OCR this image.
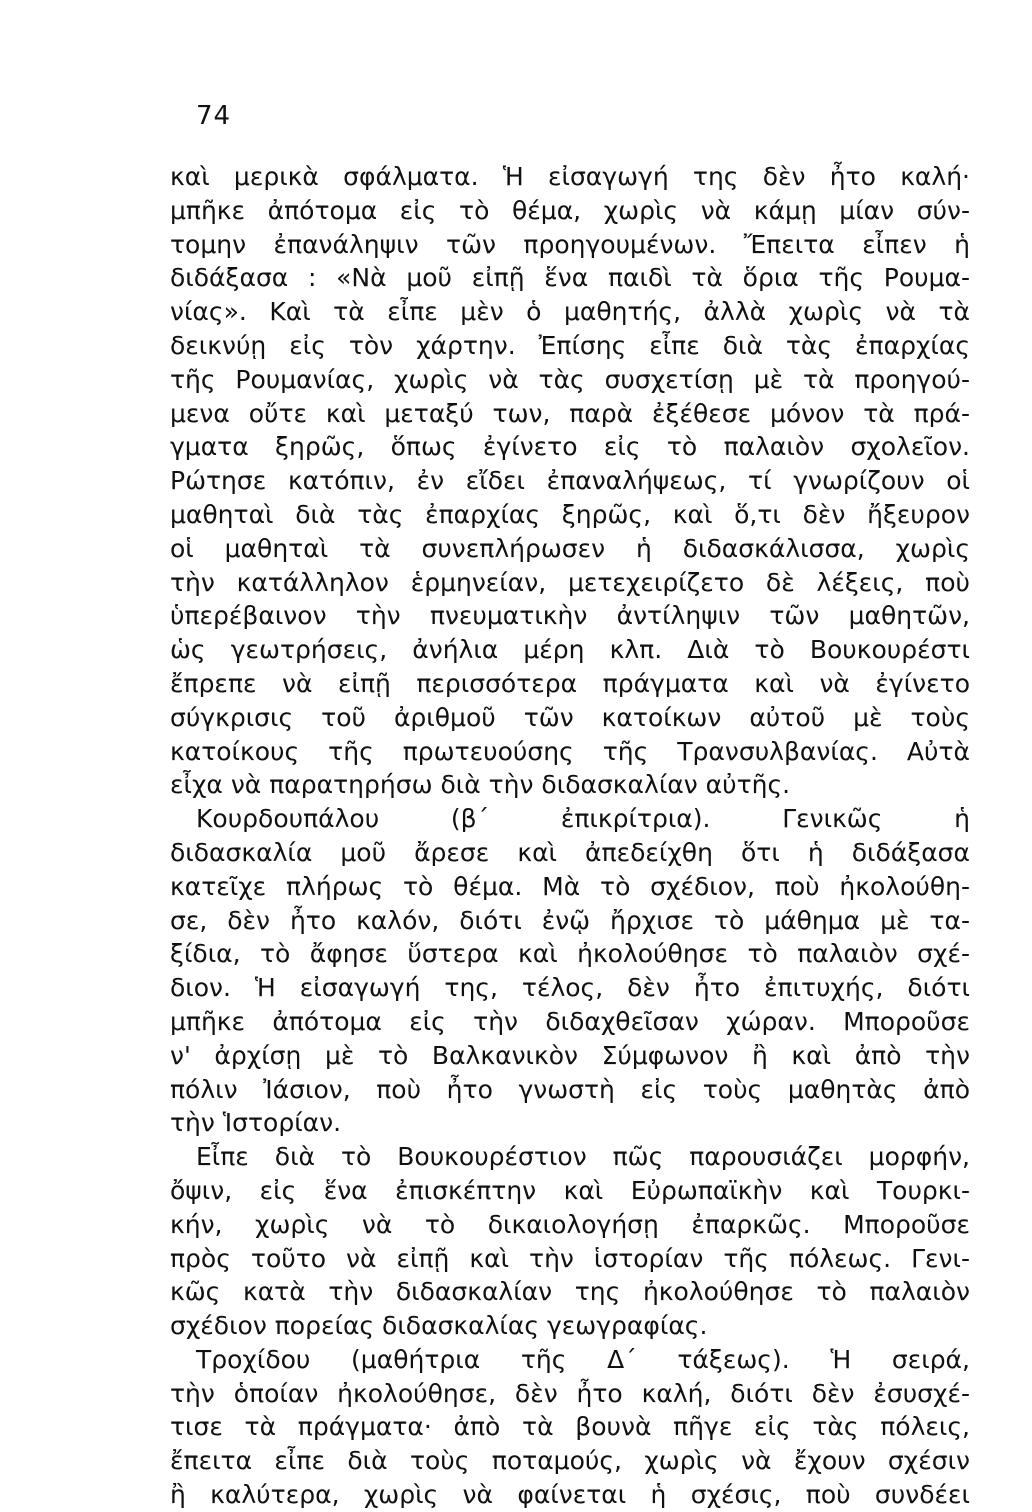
74
καὶ μερικὰ σφάλματα. Ἡ εἰσαγωγή της δὲν ἦτο καλή·
μπῆκε ἀπότομα εἰς τὸ θέμα, χωρὶς νὰ κάμῃ μίαν σύν-
τομην ἐπανάληψιν τῶν προηγουμένων. Ἔπειτα εἶπεν ἡ
διδάξασα : «Νὰ μοῦ εἰπῇ ἕνα παιδὶ τὰ ὅρια τῆς Ρουμα-
νίας». Καὶ τὰ εἶπε μὲν ὁ μαθητής, ἀλλὰ χωρὶς νὰ τὰ
δεικνύῃ εἰς τὸν χάρτην. Ἐπίσης εἶπε διὰ τὰς ἐπαρχίας
τῆς Ρουμανίας, χωρὶς νὰ τὰς συσχετίσῃ μὲ τὰ προηγού-
μενα οὔτε καὶ μεταξύ των, παρὰ ἐξέθεσε μόνον τὰ πρά-
γματα ξηρῶς, ὅπως ἐγίνετο εἰς τὸ παλαιὸν σχολεῖον.
Ρώτησε κατόπιν, ἐν εἴδει ἐπαναλήψεως, τί γνωρίζουν οἱ
μαθηταὶ διὰ τὰς ἐπαρχίας ξηρῶς, καὶ ὅ,τι δὲν ἤξευρον
οἱ μαθηταὶ τὰ συνεπλήρωσεν ἡ διδασκάλισσα, χωρὶς
τὴν κατάλληλον ἑρμηνείαν, μετεχειρίζετο δὲ λέξεις, ποὺ
ὑπερέβαινον τὴν πνευματικὴν ἀντίληψιν τῶν μαθητῶν,
ὡς γεωτρήσεις, ἀνήλια μέρη κλπ. Διὰ τὸ Βουκουρέστι
ἔπρεπε νὰ εἰπῇ περισσότερα πράγματα καὶ νὰ ἐγίνετο
σύγκρισις τοῦ ἀριθμοῦ τῶν κατοίκων αὐτοῦ μὲ τοὺς
κατοίκους τῆς πρωτευούσης τῆς Τρανσυλβανίας. Αὐτὰ
εἶχα νὰ παρατηρήσω διὰ τὴν διδασκαλίαν αὐτῆς.
Κουρδουπάλου (β΄ ἐπικρίτρια). Γενικῶς ἡ
διδασκαλία μοῦ ἄρεσε καὶ ἀπεδείχθη ὅτι ἡ διδάξασα
κατεῖχε πλήρως τὸ θέμα. Μὰ τὸ σχέδιον, ποὺ ἠκολούθη-
σε, δὲν ἦτο καλόν, διότι ἐνῷ ἤρχισε τὸ μάθημα μὲ τα-
ξίδια, τὸ ἄφησε ὕστερα καὶ ἠκολούθησε τὸ παλαιὸν σχέ-
διον. Ἡ εἰσαγωγή της, τέλος, δὲν ἦτο ἐπιτυχής, διότι
μπῆκε ἀπότομα εἰς τὴν διδαχθεῖσαν χώραν. Μποροῦσε
ν' ἀρχίσῃ μὲ τὸ Βαλκανικὸν Σύμφωνον ἢ καὶ ἀπὸ τὴν
πόλιν Ἰάσιον, ποὺ ἦτο γνωστὴ εἰς τοὺς μαθητὰς ἀπὸ
τὴν Ἱστορίαν.
Εἶπε διὰ τὸ Βουκουρέστιον πῶς παρουσιάζει μορφήν,
ὄψιν, εἰς ἕνα ἐπισκέπτην καὶ Εὐρωπαϊκὴν καὶ Τουρκι-
κήν, χωρὶς νὰ τὸ δικαιολογήσῃ ἐπαρκῶς. Μποροῦσε
πρὸς τοῦτο νὰ εἰπῇ καὶ τὴν ἱστορίαν τῆς πόλεως. Γενι-
κῶς κατὰ τὴν διδασκαλίαν της ἠκολούθησε τὸ παλαιὸν
σχέδιον πορείας διδασκαλίας γεωγραφίας.
Τροχίδου (μαθήτρια τῆς Δ΄ τάξεως). Ἡ σειρά,
τὴν ὁποίαν ἠκολούθησε, δὲν ἦτο καλή, διότι δὲν ἐσυσχέ-
τισε τὰ πράγματα· ἀπὸ τὰ βουνὰ πῆγε εἰς τὰς πόλεις,
ἔπειτα εἶπε διὰ τοὺς ποταμούς, χωρὶς νὰ ἔχουν σχέσιν
ἢ καλύτερα, χωρὶς νὰ φαίνεται ἡ σχέσις, ποὺ συνδέει
